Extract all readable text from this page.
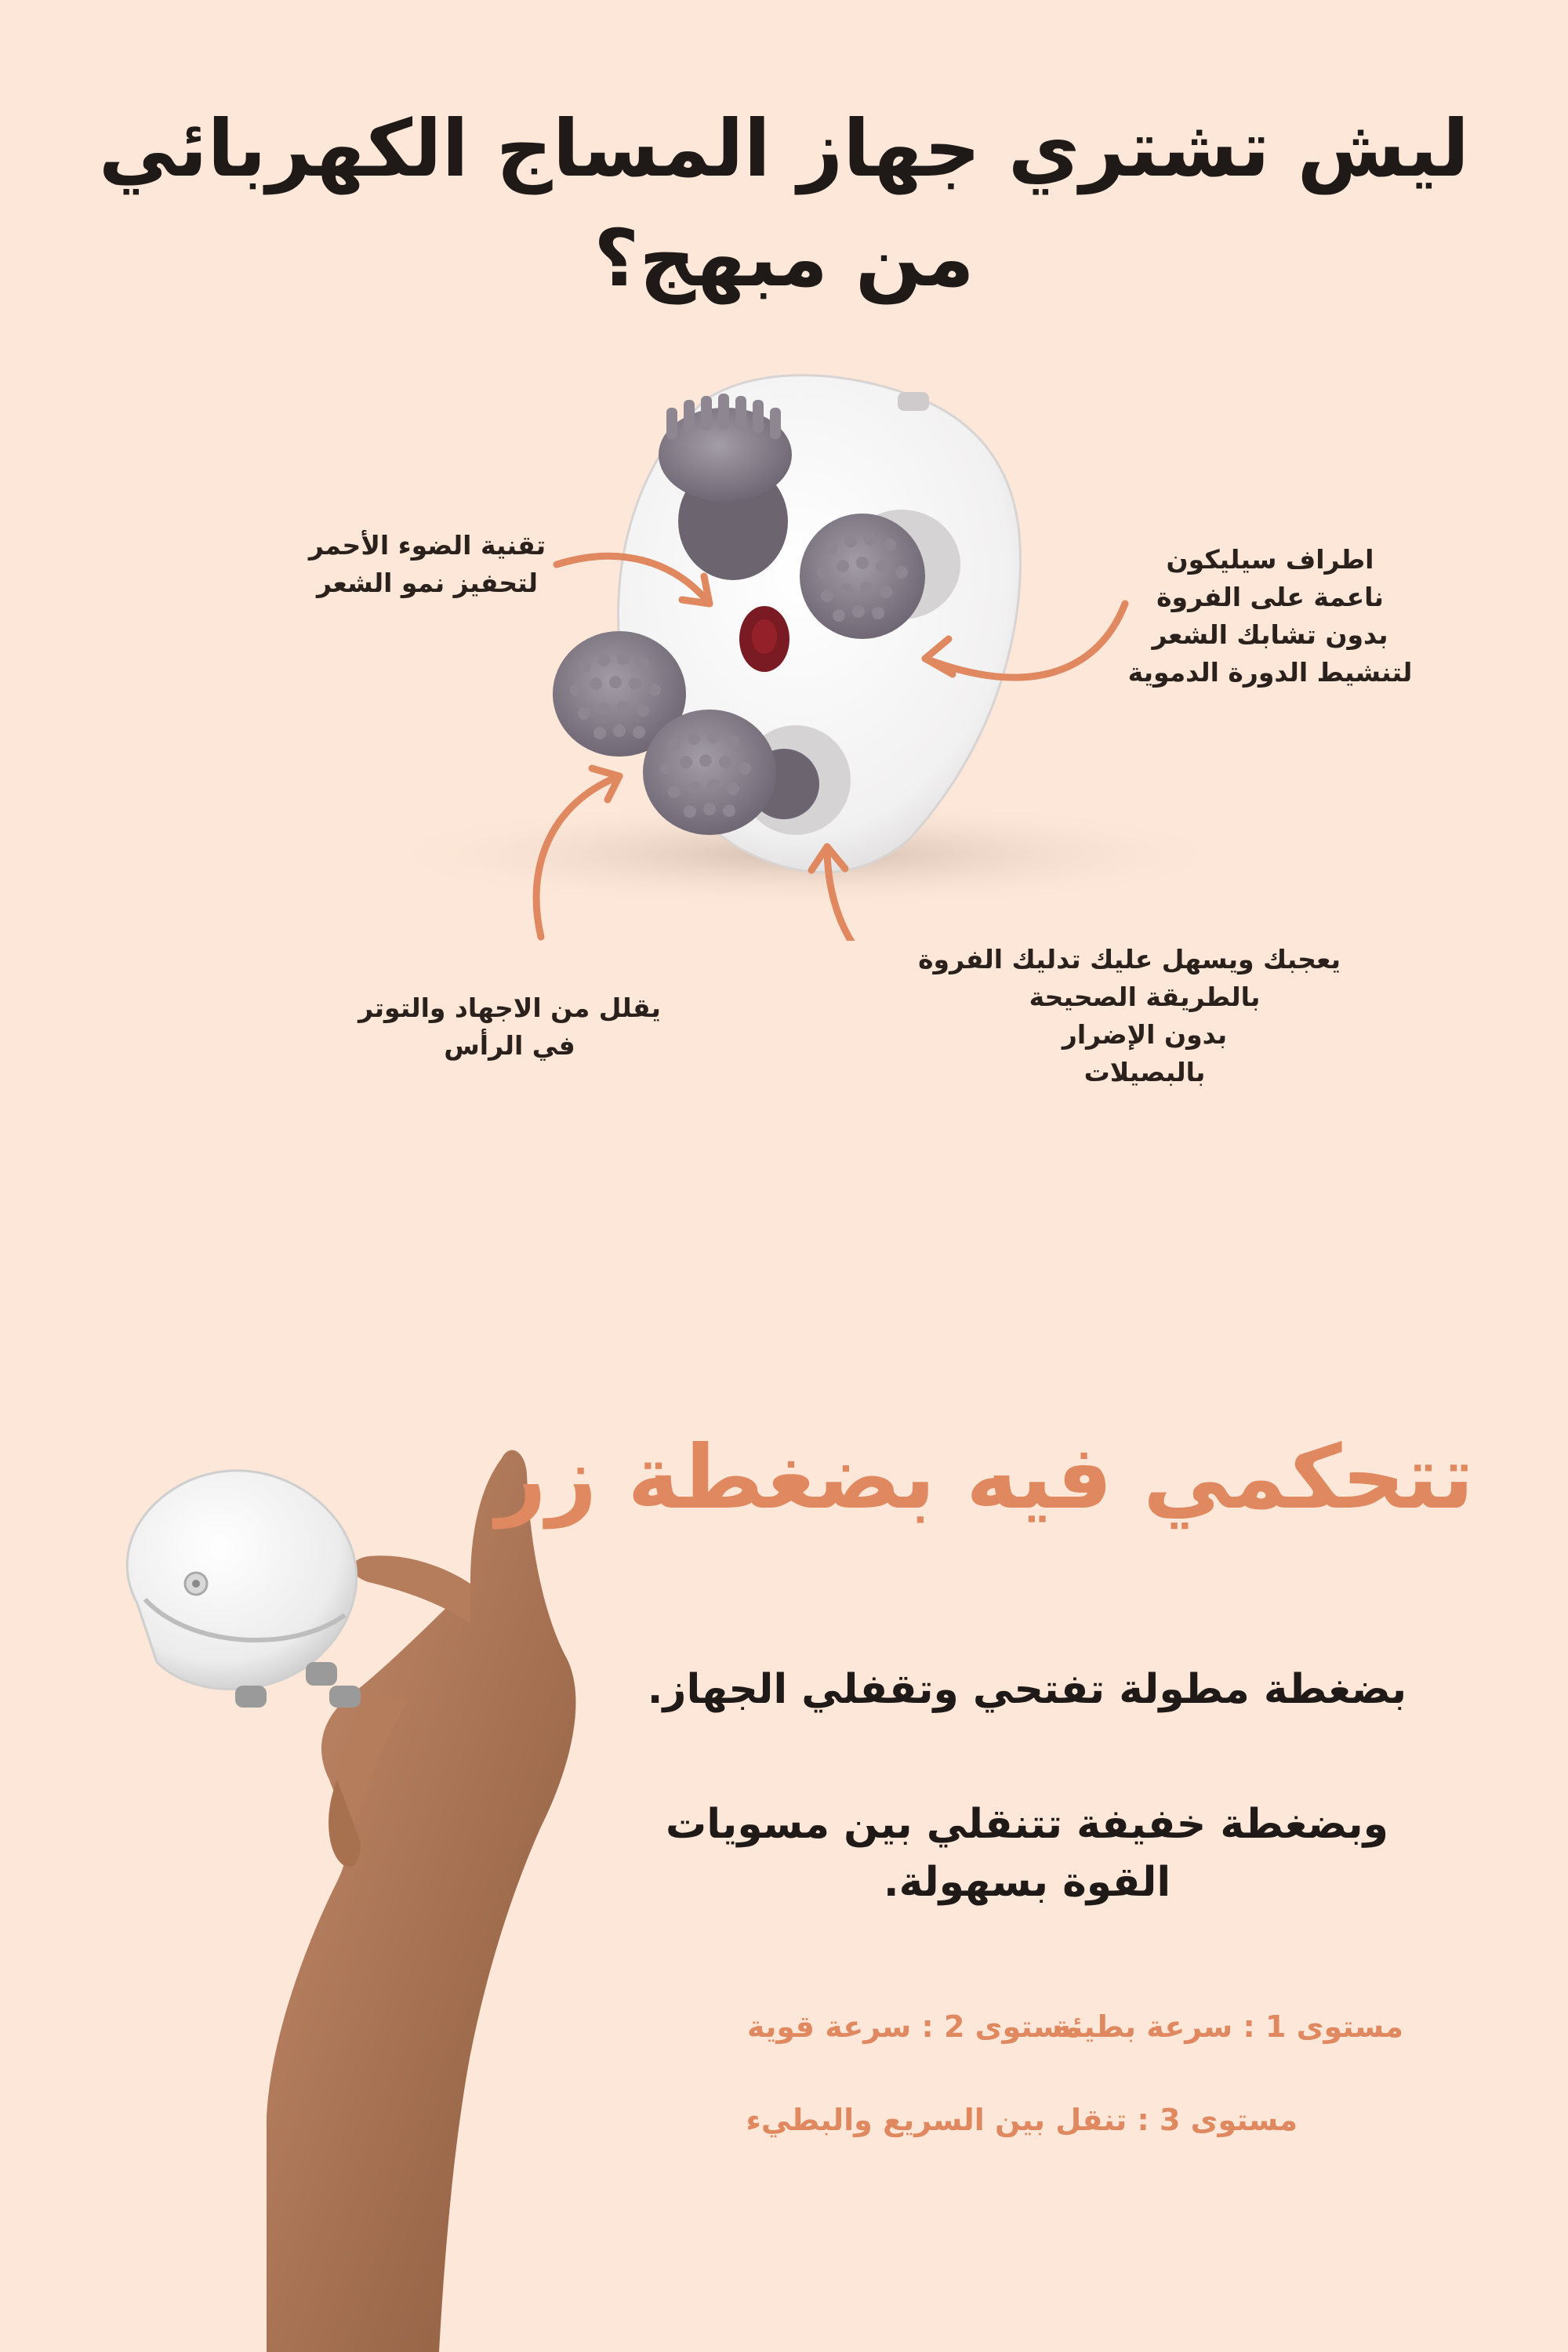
ليش تشتري جهاز المساج الكهربائي
من مبهج؟
تقنية الضوء الأحمر
لتحفيز نمو الشعر
اطراف سيليكون
ناعمة على الفروة
بدون تشابك الشعر
لتنشيط الدورة الدموية
يقلل من الاجهاد والتوتر
في الرأس
يعجبك ويسهل عليك تدليك الفروة
بالطريقة الصحيحة
بدون الإضرار
بالبصيلات
تتحكمي فيه بضغطة زر
بضغطة مطولة تفتحي وتقفلي الجهاز.
وبضغطة خفيفة تتنقلي بين مسويات
القوة بسهولة.
مستوى 1 : سرعة بطيئة
مستوى 2 : سرعة قوية
مستوى 3 : تنقل بين السريع والبطيء
